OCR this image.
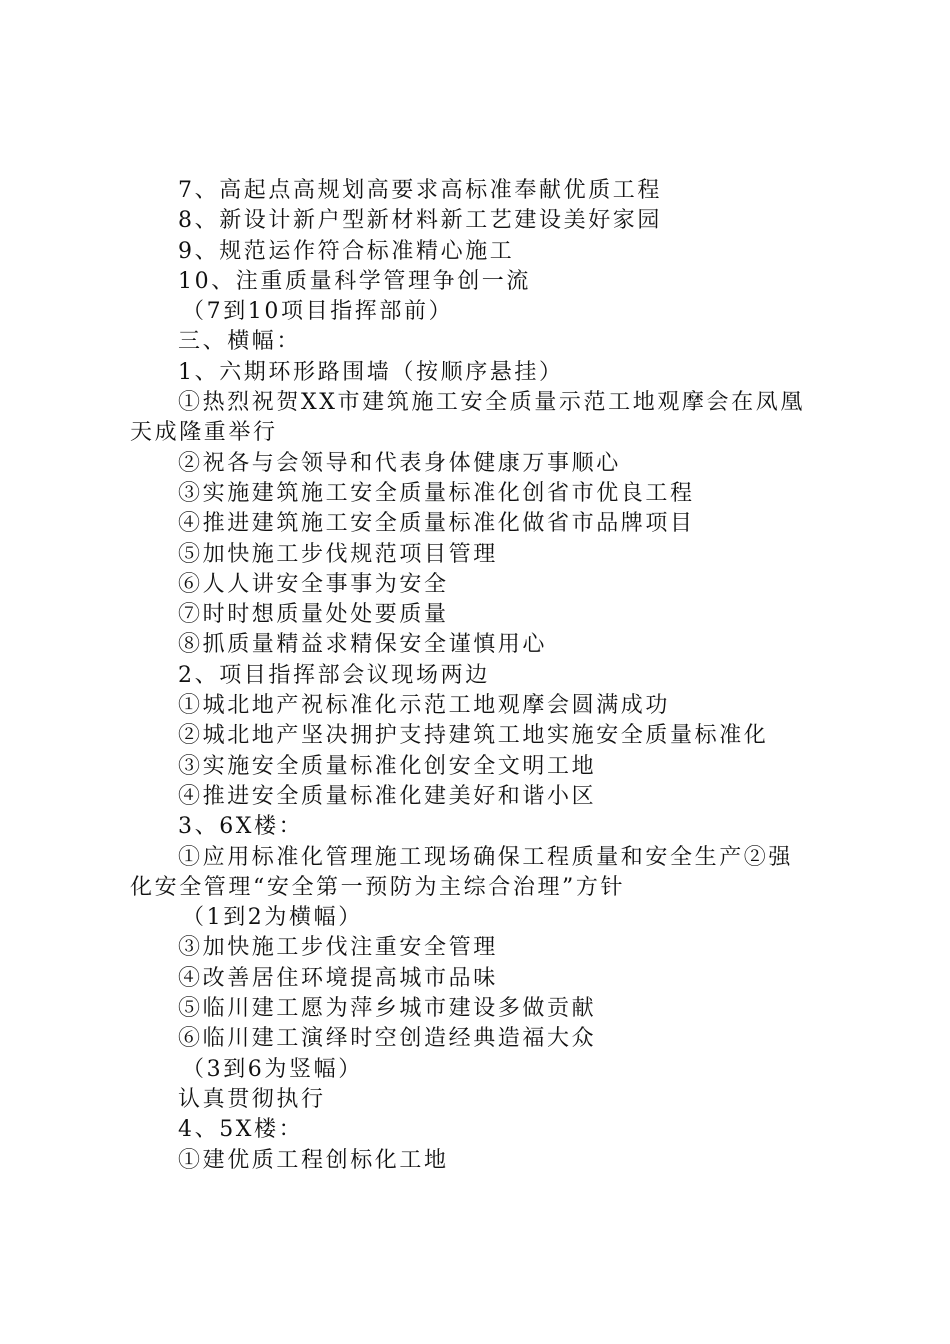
7、高起点高规划高要求高标准奉献优质工程
8、新设计新户型新材料新工艺建设美好家园
9、规范运作符合标准精心施工
10、注重质量科学管理争创一流
（7到10项目指挥部前）
三、横幅：
1、六期环形路围墙（按顺序悬挂）
①热烈祝贺XX市建筑施工安全质量示范工地观摩会在凤凰
天成隆重举行
②祝各与会领导和代表身体健康万事顺心
③实施建筑施工安全质量标准化创省市优良工程
④推进建筑施工安全质量标准化做省市品牌项目
⑤加快施工步伐规范项目管理
⑥人人讲安全事事为安全
⑦时时想质量处处要质量
⑧抓质量精益求精保安全谨慎用心
2、项目指挥部会议现场两边
①城北地产祝标准化示范工地观摩会圆满成功
②城北地产坚决拥护支持建筑工地实施安全质量标准化
③实施安全质量标准化创安全文明工地
④推进安全质量标准化建美好和谐小区
3、6X楼：
①应用标准化管理施工现场确保工程质量和安全生产②强
化安全管理“安全第一预防为主综合治理”方针
（1到2为横幅）
③加快施工步伐注重安全管理
④改善居住环境提高城市品味
⑤临川建工愿为萍乡城市建设多做贡献
⑥临川建工演绎时空创造经典造福大众
（3到6为竖幅）
认真贯彻执行
4、5X楼：
①建优质工程创标化工地
